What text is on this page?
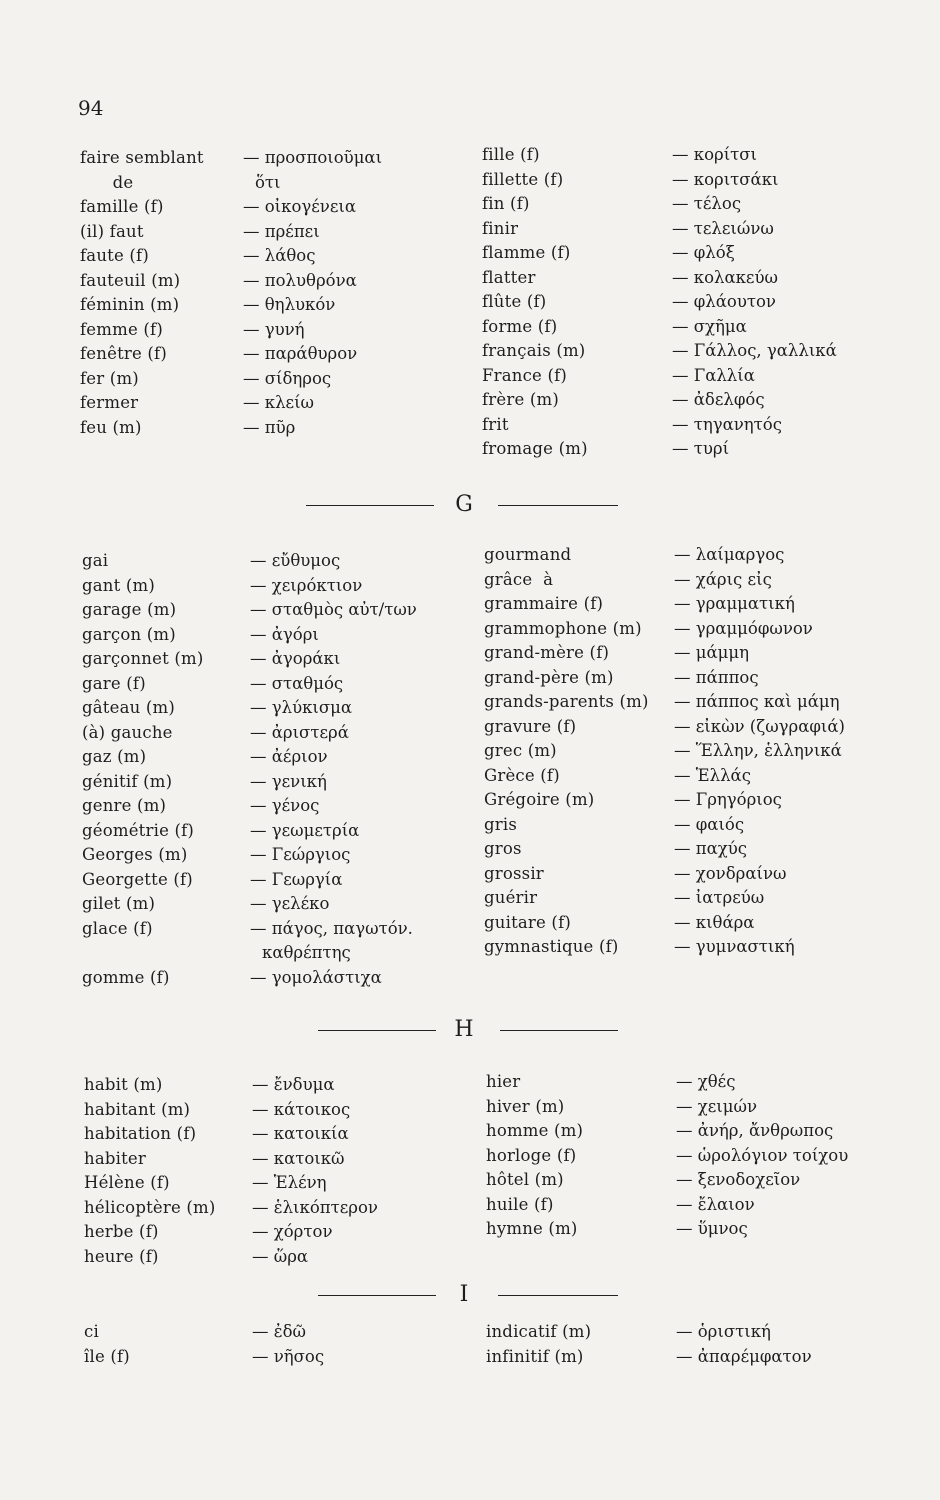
94
faire semblant	— προσποιοῦμαι
de	ὅτι
famille (f)	— οἰκογένεια
(il) faut	— πρέπει
faute (f)	— λάθος
fauteuil (m)	— πολυθρόνα
féminin (m)	— θηλυκόν
femme (f)	— γυνή
fenêtre (f)	— παράθυρον
fer (m)	— σίδηρος
fermer	— κλείω
feu (m)	— πῦρ
fille (f)	— κορίτσι
fillette (f)	— κοριτσάκι
fin (f)	— τέλος
finir	— τελειώνω
flamme (f)	— φλόξ
flatter	— κολακεύω
flûte (f)	— φλάουτον
forme (f)	— σχῆμα
français (m)	— Γάλλος, γαλλικά
France (f)	— Γαλλία
frère (m)	— ἀδελφός
frit	— τηγανητός
fromage (m)	— τυρί
G
gai	— εὔθυμος
gant (m)	— χειρόκτιον
garage (m)	— σταθμὸς αὐτ/των
garçon (m)	— ἀγόρι
garçonnet (m)	— ἀγοράκι
gare (f)	— σταθμός
gâteau (m)	— γλύκισμα
(à) gauche	— ἀριστερά
gaz (m)	— ἀέριον
génitif (m)	— γενική
genre (m)	— γένος
géométrie (f)	— γεωμετρία
Georges (m)	— Γεώργιος
Georgette (f)	— Γεωργία
gilet (m)	— γελέκο
glace (f)	— πάγος, παγωτόν.
καθρέπτης
gomme (f)	— γομολάστιχα
gourmand	— λαίμαργος
grâce  à	— χάρις εἰς
grammaire (f)	— γραμματική
grammophone (m)	— γραμμόφωνον
grand-mère (f)	— μάμμη
grand-père (m)	— πάππος
grands-parents (m)	— πάππος καὶ μάμη
gravure (f)	— εἰκὼν (ζωγραφιά)
grec (m)	— Ἕλλην, ἑλληνικά
Grèce (f)	— Ἑλλάς
Grégoire (m)	— Γρηγόριος
gris	— φαιός
gros	— παχύς
grossir	— χονδραίνω
guérir	— ἰατρεύω
guitare (f)	— κιθάρα
gymnastique (f)	— γυμναστική
H
habit (m)	— ἔνδυμα
habitant (m)	— κάτοικος
habitation (f)	— κατοικία
habiter	— κατοικῶ
Hélène (f)	— Ἑλένη
hélicoptère (m)	— ἑλικόπτερον
herbe (f)	— χόρτον
heure (f)	— ὥρα
hier	— χθές
hiver (m)	— χειμών
homme (m)	— ἀνήρ, ἄνθρωπος
horloge (f)	— ὡρολόγιον τοίχου
hôtel (m)	— ξενοδοχεῖον
huile (f)	— ἔλαιον
hymne (m)	— ὕμνος
I
ci	— ἐδῶ
île (f)	— νῆσος
indicatif (m)	— ὁριστική
infinitif (m)	— ἀπαρέμφατον
